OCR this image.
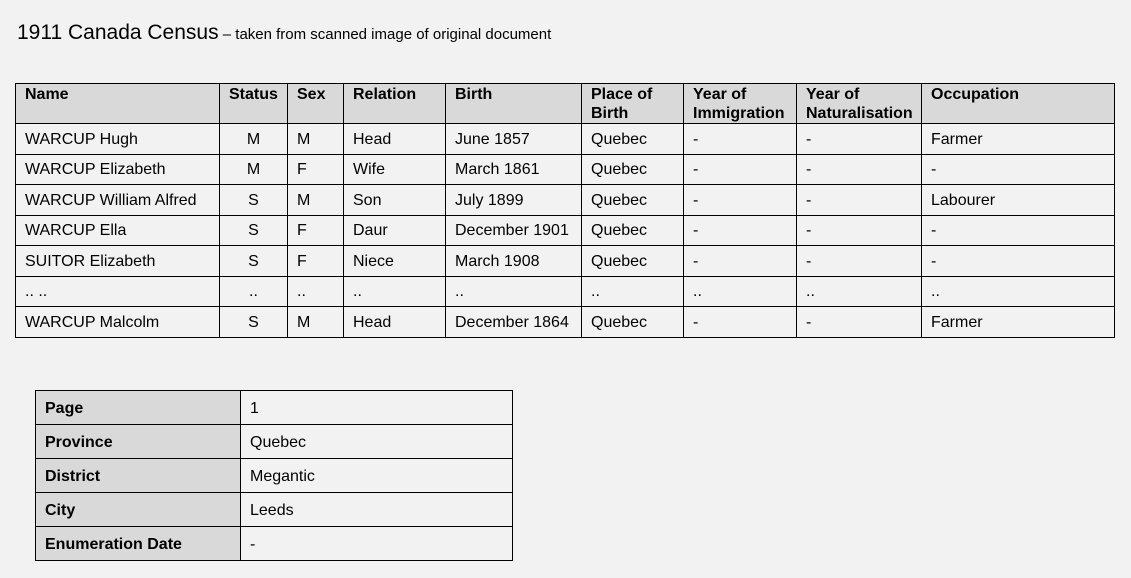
1911 Canada Census – taken from scanned image of original document
Name	Status	Sex	Relation	Birth	Place of Birth	Year of Immigration	Year of Naturalisation	Occupation
WARCUP Hugh	M	M	Head	June 1857	Quebec	-	-	Farmer
WARCUP Elizabeth	M	F	Wife	March 1861	Quebec	-	-	-
WARCUP William Alfred	S	M	Son	July 1899	Quebec	-	-	Labourer
WARCUP Ella	S	F	Daur	December 1901	Quebec	-	-	-
SUITOR Elizabeth	S	F	Niece	March 1908	Quebec	-	-	-
.. ..	..	..	..	..	..	..	..	..
WARCUP Malcolm	S	M	Head	December 1864	Quebec	-	-	Farmer
Page	1
Province	Quebec
District	Megantic
City	Leeds
Enumeration Date	-
